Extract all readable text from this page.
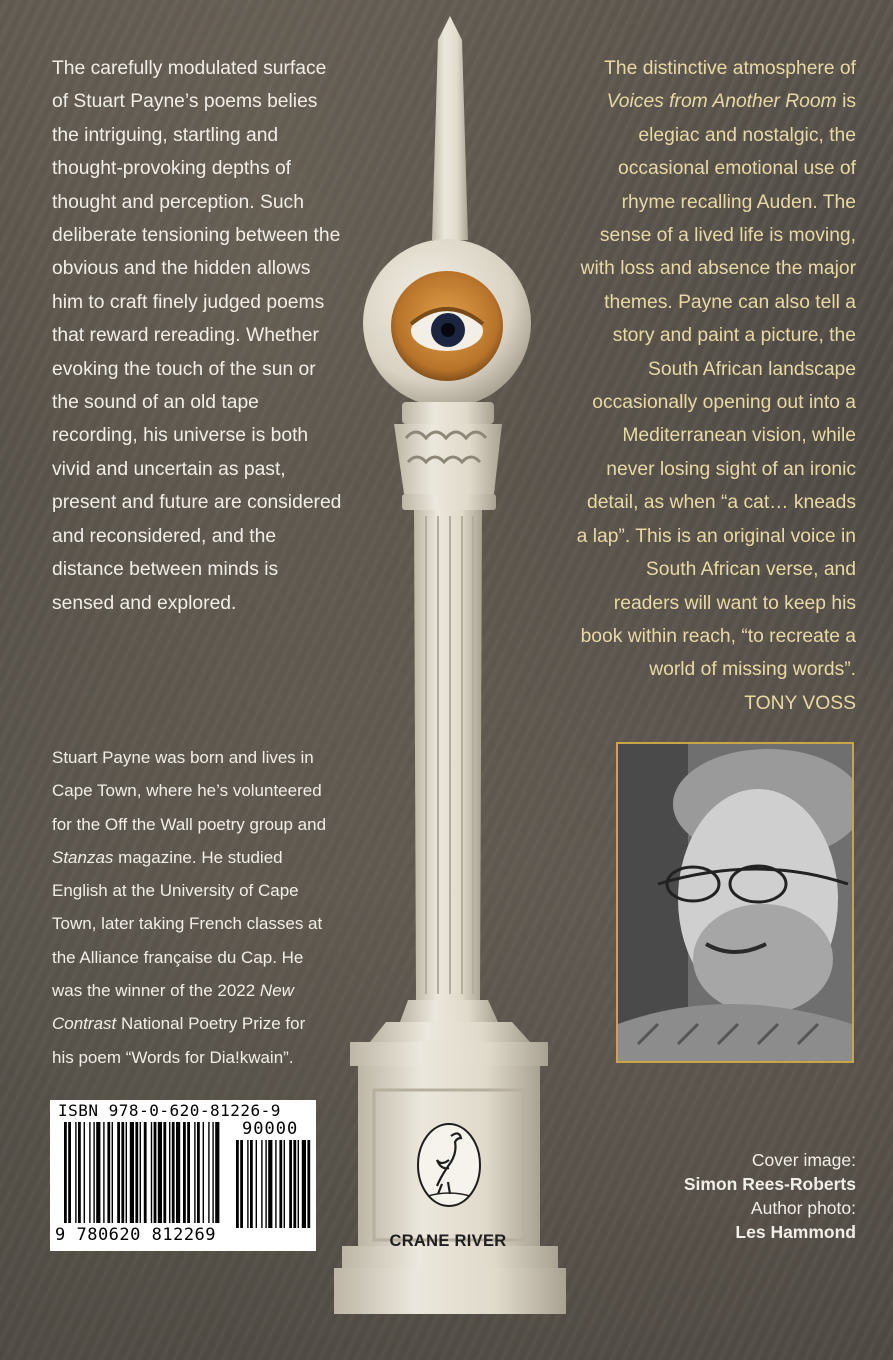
The carefully modulated surface of Stuart Payne’s poems belies the intriguing, startling and thought-provoking depths of thought and perception. Such deliberate tensioning between the obvious and the hidden allows him to craft finely judged poems that reward rereading. Whether evoking the touch of the sun or the sound of an old tape recording, his universe is both vivid and uncertain as past, present and future are considered and reconsidered, and the distance between minds is sensed and explored.

The distinctive atmosphere of Voices from Another Room is elegiac and nostalgic, the occasional emotional use of rhyme recalling Auden. The sense of a lived life is moving, with loss and absence the major themes. Payne can also tell a story and paint a picture, the South African landscape occasionally opening out into a Mediterranean vision, while never losing sight of an ironic detail, as when “a cat… kneads a lap”. This is an original voice in South African verse, and readers will want to keep his book within reach, “to recreate a world of missing words”.
TONY VOSS

Stuart Payne was born and lives in Cape Town, where he’s volunteered for the Off the Wall poetry group and Stanzas magazine. He studied English at the University of Cape Town, later taking French classes at the Alliance française du Cap. He was the winner of the 2022 New Contrast National Poetry Prize for his poem “Words for Dia!kwain”.

CRANE RIVER
ISBN 978-0-620-81226-9
90000
9 780620 812269
Cover image:
Simon Rees-Roberts
Author photo:
Les Hammond
